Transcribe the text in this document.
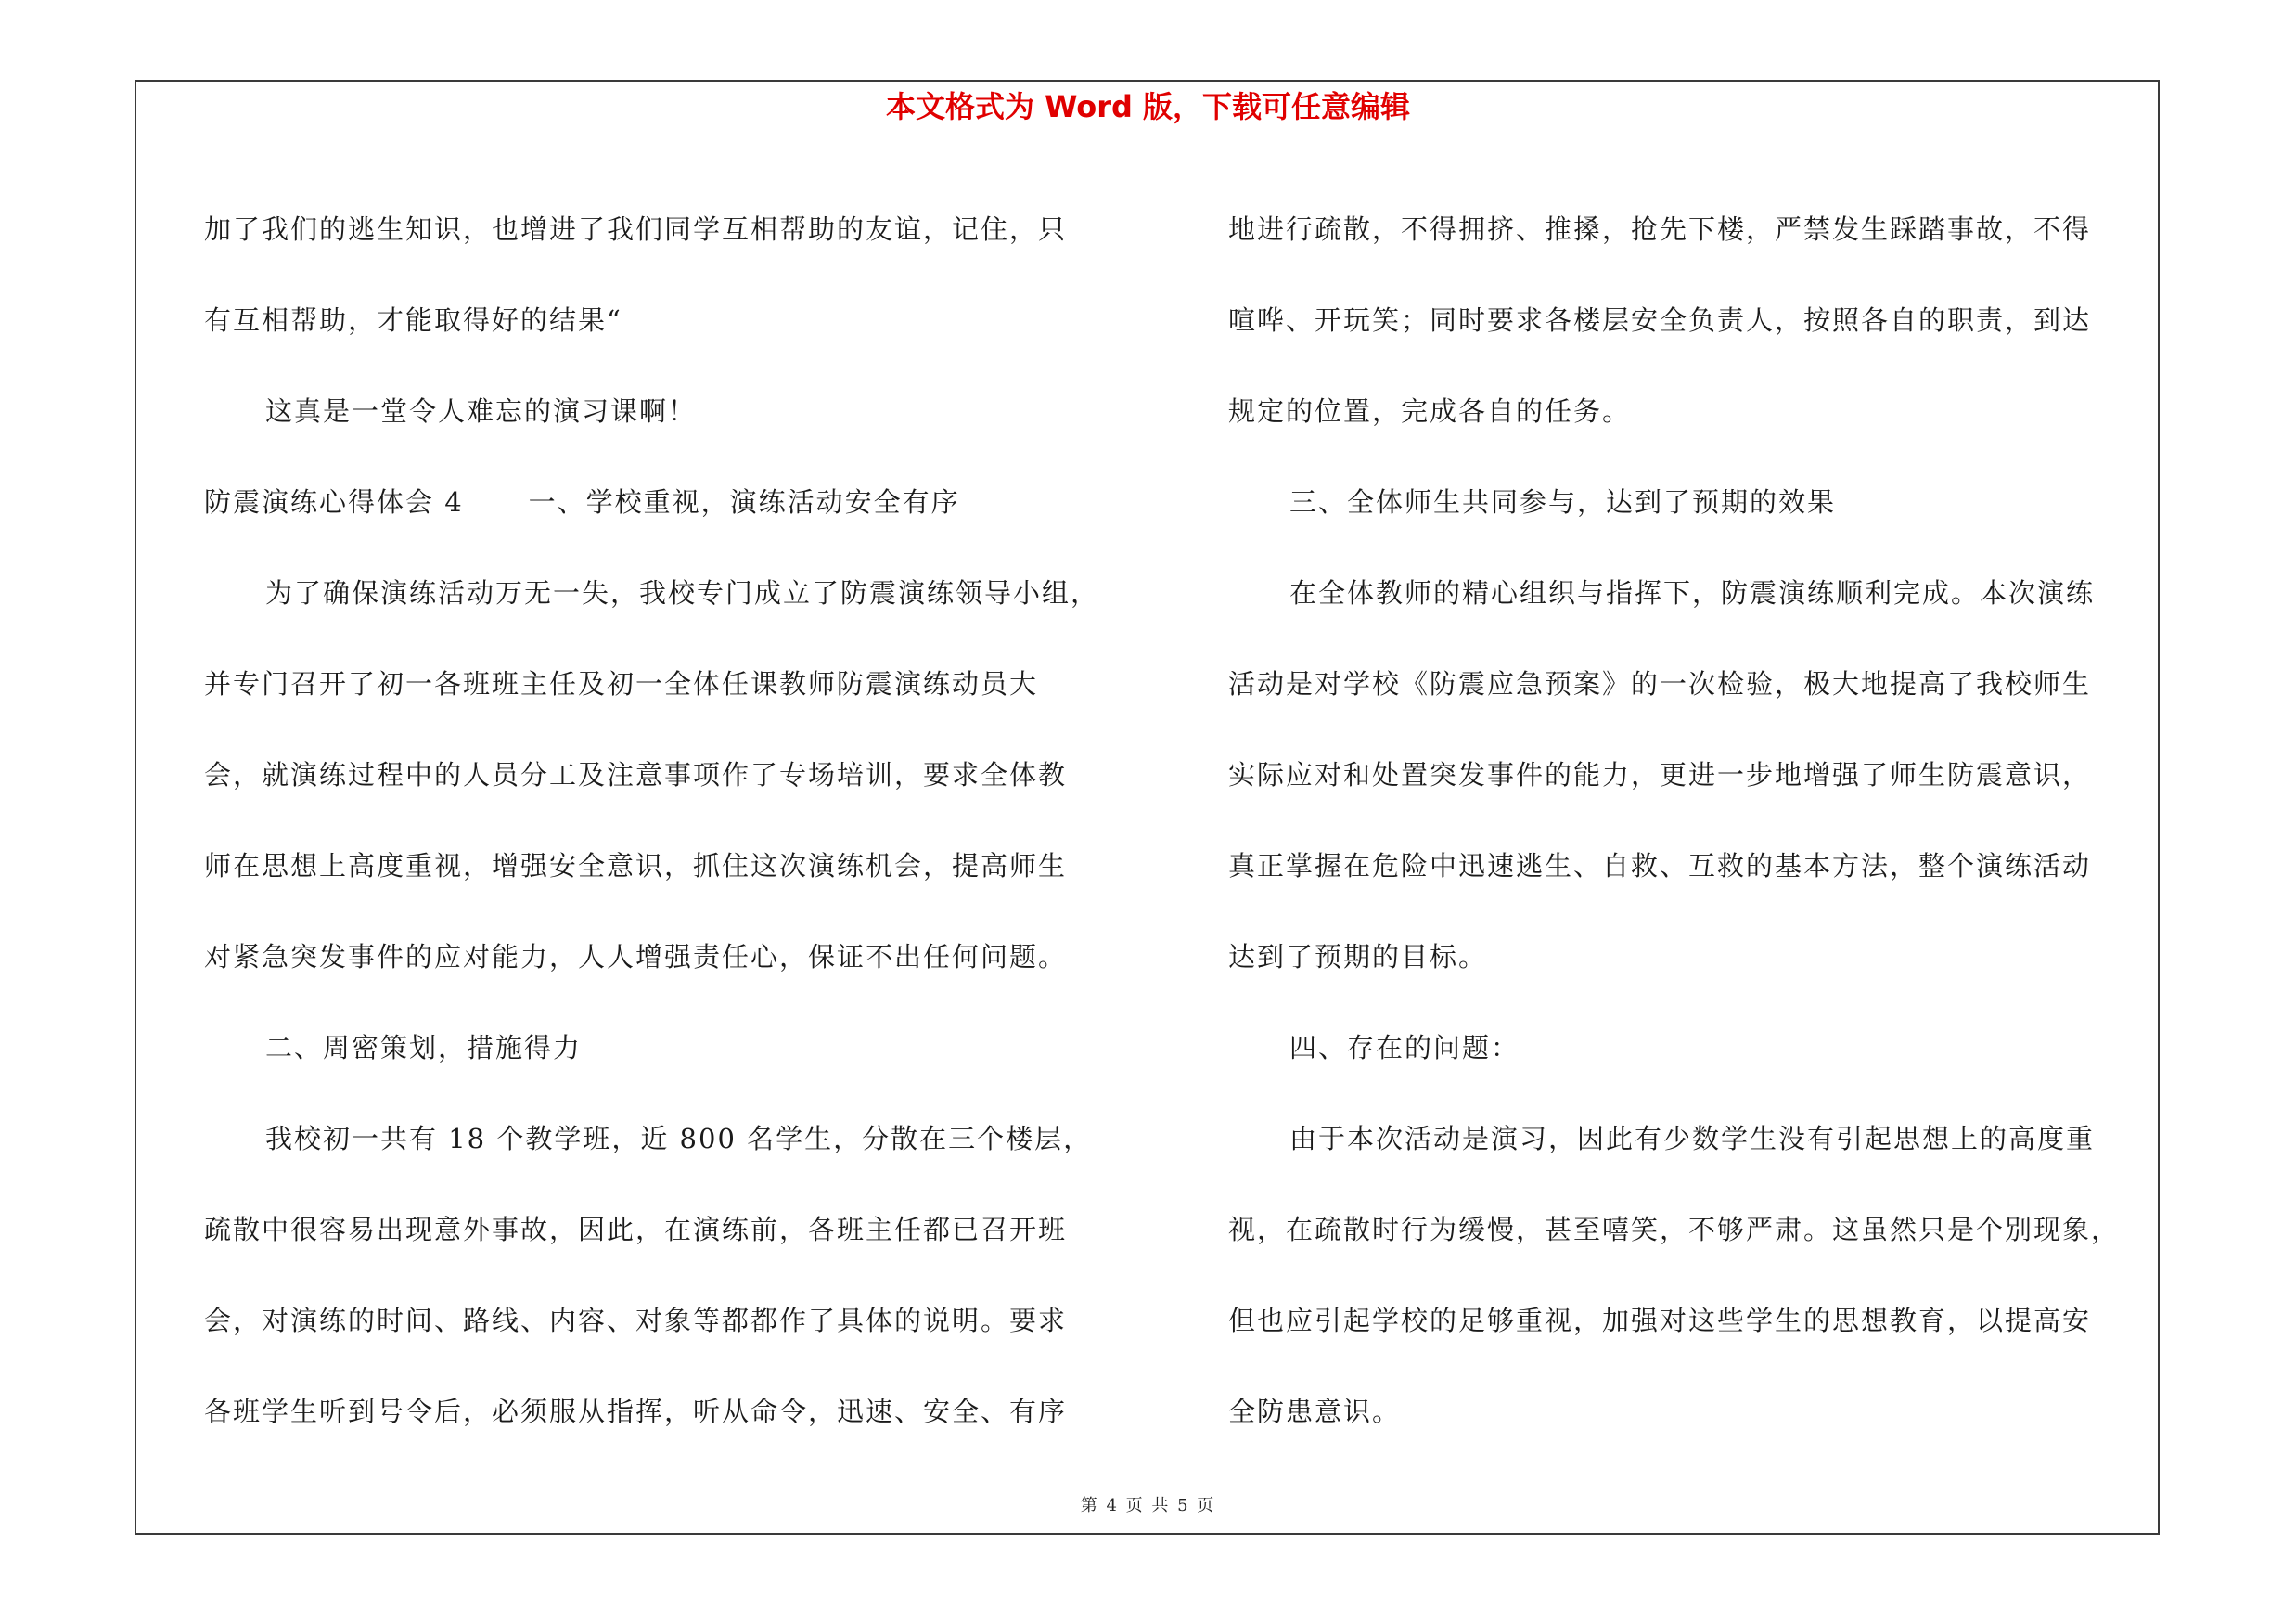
本文格式为 Word 版，下载可任意编辑
加了我们的逃生知识，也增进了我们同学互相帮助的友谊，记住，只
有互相帮助，才能取得好的结果“
这真是一堂令人难忘的演习课啊！
防震演练心得体会 4 一、学校重视，演练活动安全有序
为了确保演练活动万无一失，我校专门成立了防震演练领导小组，
并专门召开了初一各班班主任及初一全体任课教师防震演练动员大
会，就演练过程中的人员分工及注意事项作了专场培训，要求全体教
师在思想上高度重视，增强安全意识，抓住这次演练机会，提高师生
对紧急突发事件的应对能力，人人增强责任心，保证不出任何问题。
二、周密策划，措施得力
我校初一共有 18 个教学班，近 800 名学生，分散在三个楼层，
疏散中很容易出现意外事故，因此，在演练前，各班主任都已召开班
会，对演练的时间、路线、内容、对象等都都作了具体的说明。要求
各班学生听到号令后，必须服从指挥，听从命令，迅速、安全、有序
地进行疏散，不得拥挤、推搡，抢先下楼，严禁发生踩踏事故，不得
喧哗、开玩笑；同时要求各楼层安全负责人，按照各自的职责，到达
规定的位置，完成各自的任务。
三、全体师生共同参与，达到了预期的效果
在全体教师的精心组织与指挥下，防震演练顺利完成。本次演练
活动是对学校《防震应急预案》的一次检验，极大地提高了我校师生
实际应对和处置突发事件的能力，更进一步地增强了师生防震意识，
真正掌握在危险中迅速逃生、自救、互救的基本方法，整个演练活动
达到了预期的目标。
四、存在的问题：
由于本次活动是演习，因此有少数学生没有引起思想上的高度重
视，在疏散时行为缓慢，甚至嘻笑，不够严肃。这虽然只是个别现象，
但也应引起学校的足够重视，加强对这些学生的思想教育，以提高安
全防患意识。
第 4 页 共 5 页
